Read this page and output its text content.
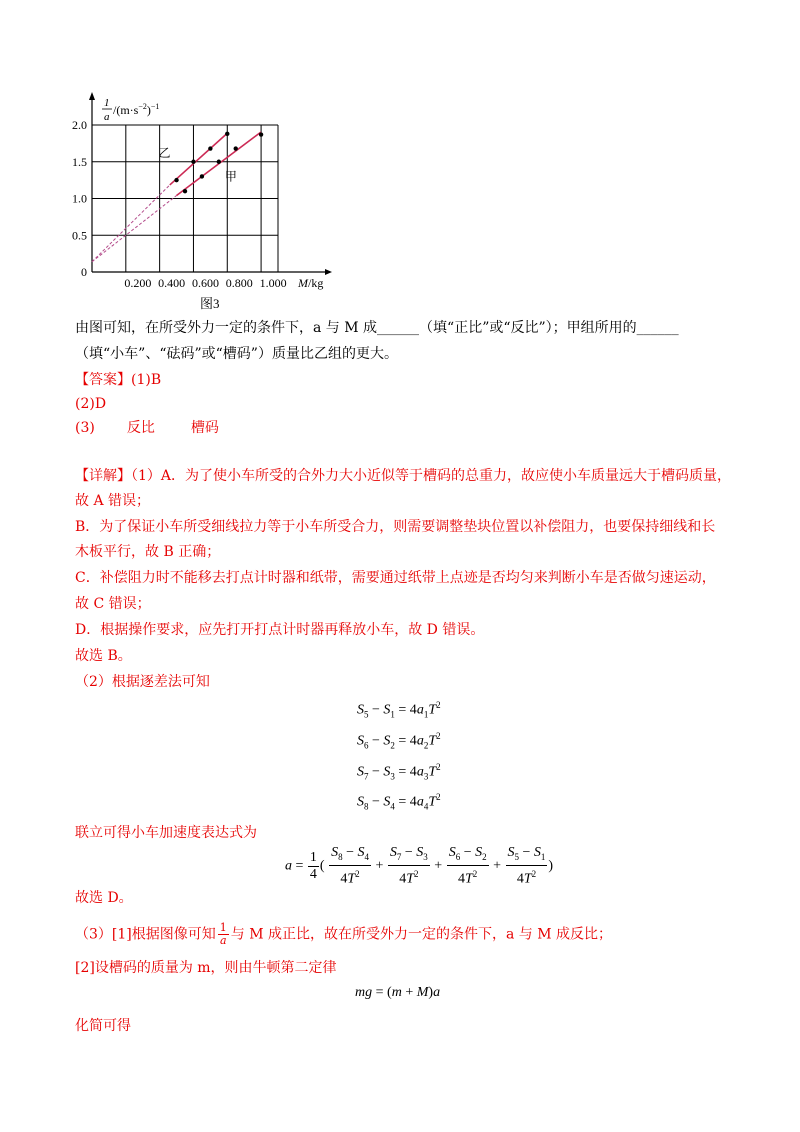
0
0.5
1.0
1.5
2.0
0.200 0.400 0.600 0.800 1.000
乙
甲
1
a $/(m\cdot s^{-2})^{-1}$
M/kg
图3
由图可知，在所受外力一定的条件下，a 与 M 成______（填“正比”或“反比”）；甲组所用的______
（填“小车”、“砝码”或“槽码”）质量比乙组的更大。
【答案】(1)B
(2)D
(3) 反比	槽码
【详解】（1）A．为了使小车所受的合外力大小近似等于槽码的总重力，故应使小车质量远大于槽码质量，
故 A 错误；
B．为了保证小车所受细线拉力等于小车所受合力，则需要调整垫块位置以补偿阻力，也要保持细线和长
木板平行，故 B 正确；
C．补偿阻力时不能移去打点计时器和纸带，需要通过纸带上点迹是否均匀来判断小车是否做匀速运动，
故 C 错误；
D．根据操作要求，应先打开打点计时器再释放小车，故 D 错误。
故选 B。
（2）根据逐差法可知
$S_5 - S_1 = 4a_1T^2$
$S_6 - S_2 = 4a_2T^2$
$S_7 - S_3 = 4a_3T^2$
$S_8 - S_4 = 4a_4T^2$
联立可得小车加速度表达式为
$a = \frac{1}{4}$ ( $\frac{S_8 - S_4}{4T^2} + \frac{S_7 - S_3}{4T^2} + \frac{S_6 - S_2}{4T^2} + \frac{S_5 - S_1}{4T^2}$ )
故选 D。
（3）[1]根据图像可知 $\frac{1}{a}$ 与 M 成正比，故在所受外力一定的条件下，a 与 M 成反比；
[2]设槽码的质量为 m，则由牛顿第二定律
mg = (m + M)a
化简可得
